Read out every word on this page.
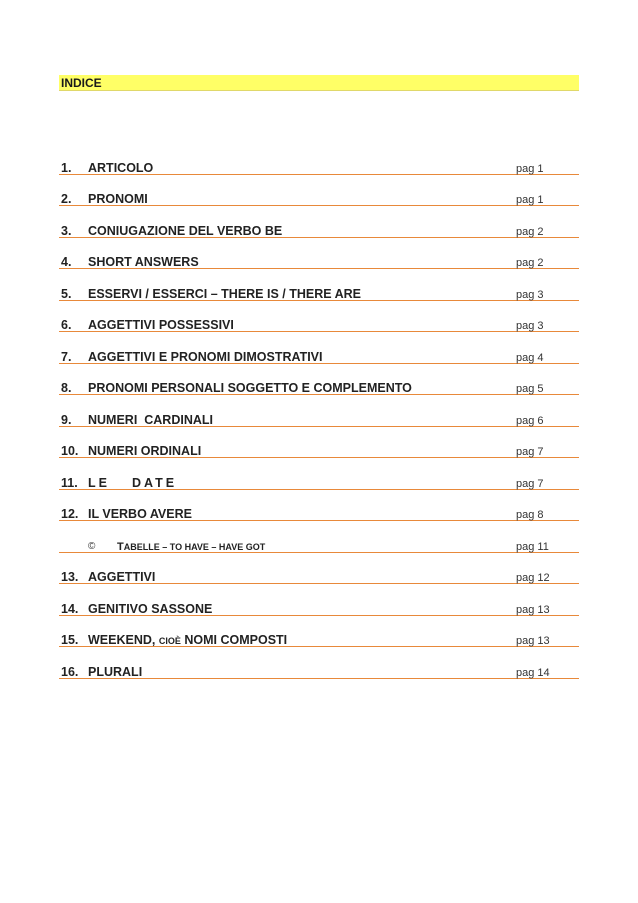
INDICE
1. ARTICOLO	pag 1
2. PRONOMI	pag 1
3. CONIUGAZIONE DEL VERBO BE	pag 2
4. SHORT ANSWERS	pag 2
5. ESSERVI / ESSERCI – THERE IS / THERE ARE	pag 3
6. AGGETTIVI POSSESSIVI	pag 3
7. AGGETTIVI E PRONOMI DIMOSTRATIVI	pag 4
8. PRONOMI PERSONALI SOGGETTO E COMPLEMENTO	pag 5
9. NUMERI  CARDINALI	pag 6
10. NUMERI ORDINALI	pag 7
11. LE DATE	pag 7
12. IL VERBO AVERE	pag 8
© TABELLE – TO HAVE – HAVE GOT	pag 11
13. AGGETTIVI	pag 12
14. GENITIVO SASSONE	pag 13
15. WEEKEND, CIOÈ NOMI COMPOSTI	pag 13
16. PLURALI	pag 14
